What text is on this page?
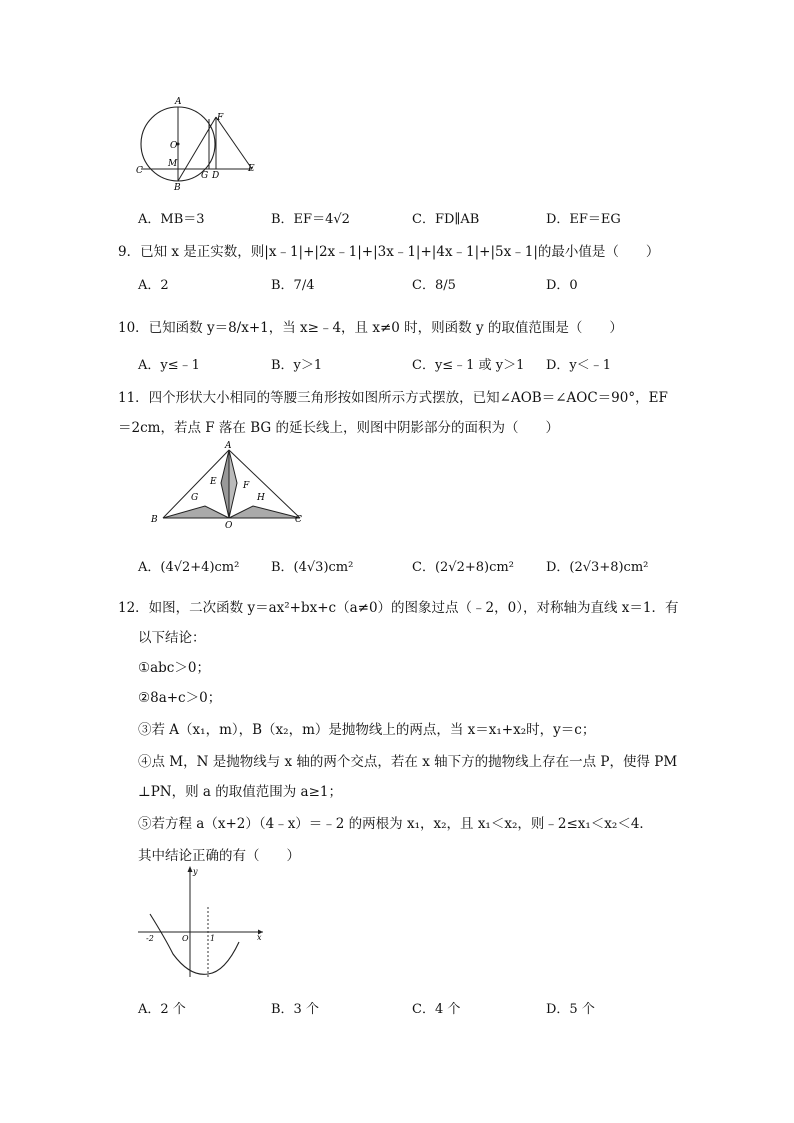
A
O
F
M
C
B
G D
E
A．MB＝3	B．EF＝4√2	C．FD∥AB	D．EF＝EG
9．已知 x 是正实数，则|x﹣1|+|2x﹣1|+|3x﹣1|+|4x﹣1|+|5x﹣1|的最小值是（　　）
A．2	B．7/4	C．8/5	D．0
10．已知函数 y＝8/x+1，当 x≥﹣4，且 x≠0 时，则函数 y 的取值范围是（　　）
A．y≤﹣1	B．y＞1	C．y≤﹣1 或 y＞1 D．y＜﹣1
11．四个形状大小相同的等腰三角形按如图所示方式摆放，已知∠AOB＝∠AOC＝90°，EF
＝2cm，若点 F 落在 BG 的延长线上，则图中阴影部分的面积为（　　）
A
E	F
G	H
B
O
C
A．(4√2+4)cm² B．(4√3)cm²	C．(2√2+8)cm² D．(2√3+8)cm²
12．如图，二次函数 y＝ax²+bx+c（a≠0）的图象过点（﹣2，0），对称轴为直线 x＝1．有
以下结论：
①abc＞0；
②8a+c＞0；
③若 A（x₁，m），B（x₂，m）是抛物线上的两点，当 x＝x₁+x₂时，y＝c；
④点 M，N 是抛物线与 x 轴的两个交点，若在 x 轴下方的抛物线上存在一点 P，使得 PM
⊥PN，则 a 的取值范围为 a≥1；
⑤若方程 a（x+2）（4﹣x）＝﹣2 的两根为 x₁，x₂，且 x₁＜x₂，则﹣2≤x₁＜x₂＜4．
其中结论正确的有（　　）
y
x
O
-2	1
A．2 个	B．3 个	C．4 个	D．5 个
